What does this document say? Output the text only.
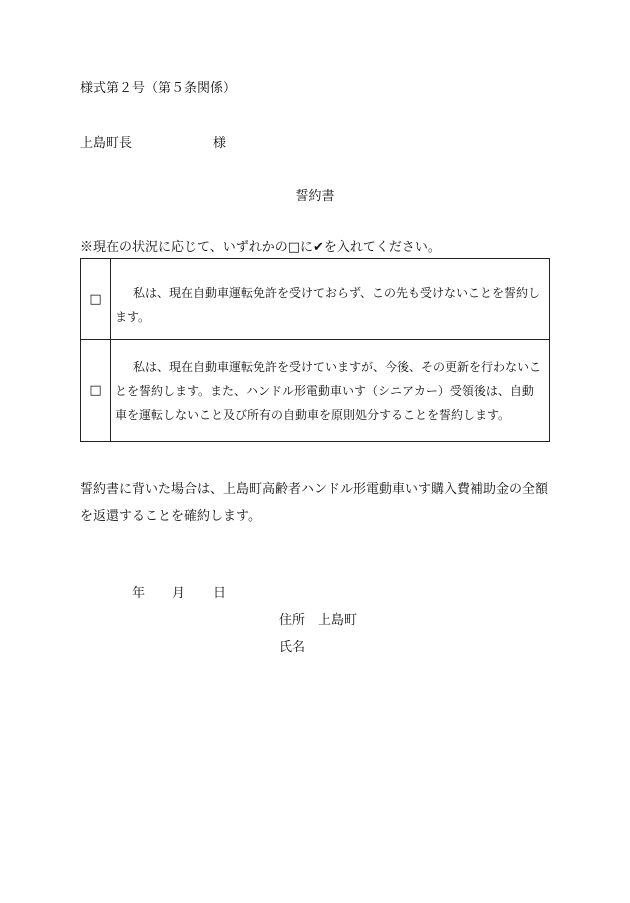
様式第２号（第５条関係）
上島町長	様
誓約書
※現在の状況に応じて、いずれかの□に✔を入れてください。
□	私は、現在自動車運転免許を受けておらず、この先も受けないことを誓約します。

□	私は、現在自動車運転免許を受けていますが、今後、その更新を行わないことを誓約します。また、ハンドル形電動車いす（シニアカー）受領後は、自動車を運転しないこと及び所有の自動車を原則処分することを誓約します。
誓約書に背いた場合は、上島町高齢者ハンドル形電動車いす購入費補助金の全額を返還することを確約します。
年 月 日
住所 上島町
氏名
